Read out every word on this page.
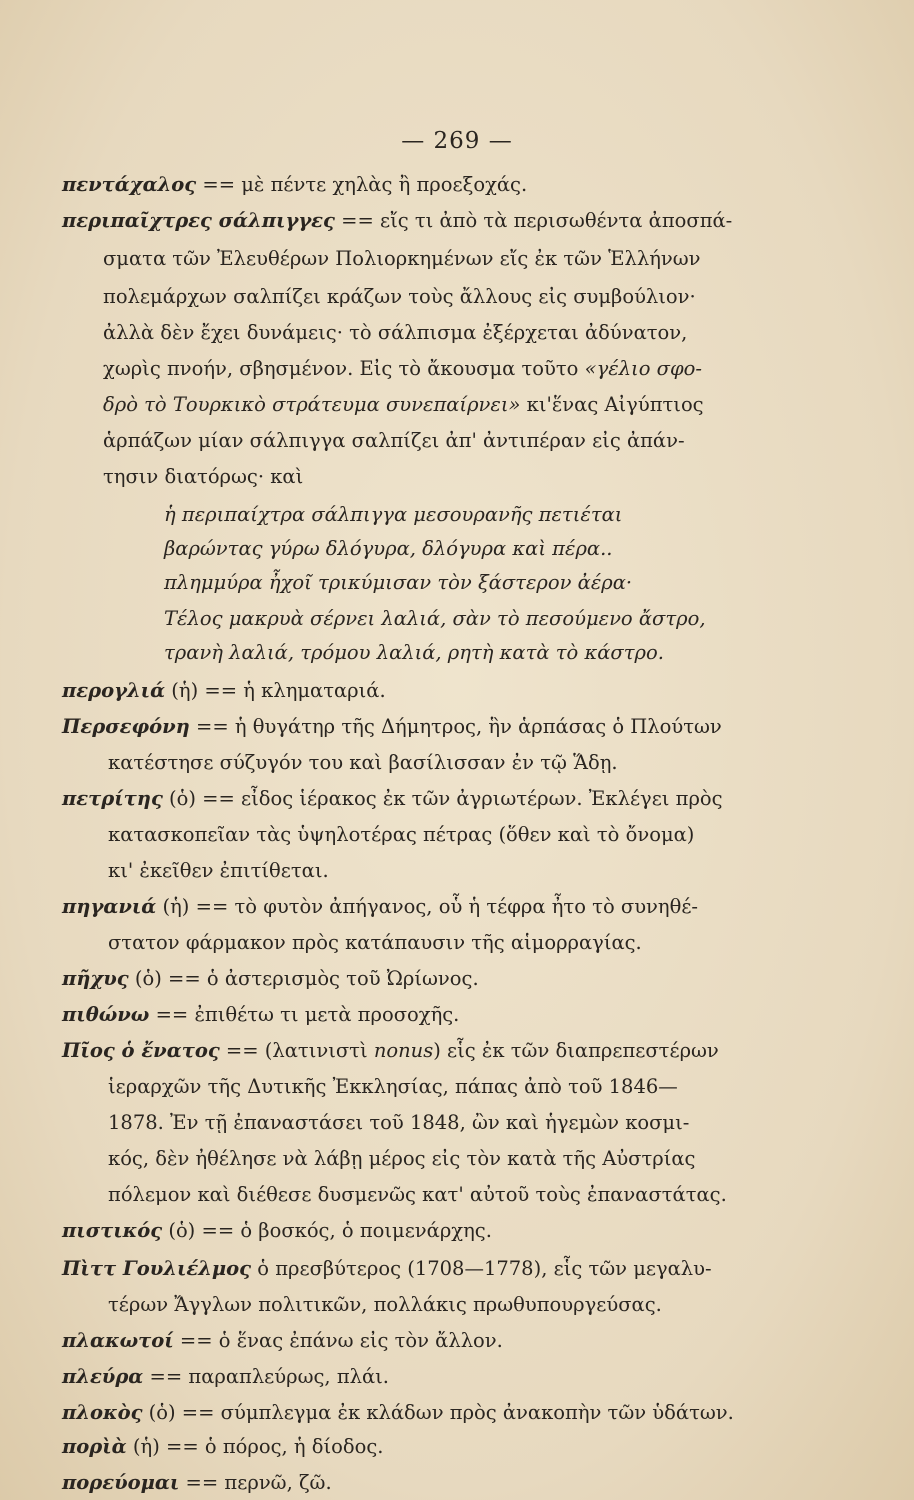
— 269 —
πεντάχαλος == μὲ πέντε χηλὰς ἢ προεξοχάς.
περιπαῖχτρες σάλπιγγες == εἴς τι ἀπὸ τὰ περισωθέντα ἀποσπά-
σματα τῶν Ἐλευθέρων Πολιορκημένων εἴς ἐκ τῶν Ἑλλήνων
πολεμάρχων σαλπίζει κράζων τοὺς ἄλλους εἰς συμβούλιον·
ἀλλὰ δὲν ἔχει δυνάμεις· τὸ σάλπισμα ἐξέρχεται ἀδύνατον,
χωρὶς πνοήν, σβησμένον. Εἰς τὸ ἄκουσμα τοῦτο «γέλιο σφο-
δρὸ τὸ Τουρκικὸ στράτευμα συνεπαίρνει» κι'ἕνας Αἰγύπτιος
ἁρπάζων μίαν σάλπιγγα σαλπίζει ἀπ' ἀντιπέραν εἰς ἀπάν-
τησιν διατόρως· καὶ
ἡ περιπαίχτρα σάλπιγγα μεσουρανῆς πετιέται
βαρώντας γύρω δλόγυρα, δλόγυρα καὶ πέρα..
πλημμύρα ἦχοῖ τρικύμισαν τὸν ξάστερον ἀέρα·
Τέλος μακρυὰ σέρνει λαλιά, σὰν τὸ πεσούμενο ἄστρο,
τρανὴ λαλιά, τρόμου λαλιά, ρητὴ κατὰ τὸ κάστρο.
περογλιά (ἡ) == ἡ κληματαριά.
Περσεφόνη == ἡ θυγάτηρ τῆς Δήμητρος, ἣν ἁρπάσας ὁ Πλούτων
κατέστησε σύζυγόν του καὶ βασίλισσαν ἐν τῷ Ἅδῃ.
πετρίτης (ὁ) == εἶδος ἱέρακος ἐκ τῶν ἀγριωτέρων. Ἐκλέγει πρὸς
κατασκοπεῖαν τὰς ὑψηλοτέρας πέτρας (ὅθεν καὶ τὸ ὄνομα)
κι' ἐκεῖθεν ἐπιτίθεται.
πηγανιά (ἡ) == τὸ φυτὸν ἀπήγανος, οὗ ἡ τέφρα ἦτο τὸ συνηθέ-
στατον φάρμακον πρὸς κατάπαυσιν τῆς αἱμορραγίας.
πῆχυς (ὁ) == ὁ ἀστερισμὸς τοῦ Ὠρίωνος.
πιθώνω == ἐπιθέτω τι μετὰ προσοχῆς.
Πῖος ὁ ἔνατος == (λατινιστὶ nonus) εἷς ἐκ τῶν διαπρεπεστέρων
ἱεραρχῶν τῆς Δυτικῆς Ἐκκλησίας, πάπας ἀπὸ τοῦ 1846—
1878. Ἐν τῇ ἐπαναστάσει τοῦ 1848, ὢν καὶ ἡγεμὼν κοσμι-
κός, δὲν ἠθέλησε νὰ λάβῃ μέρος εἰς τὸν κατὰ τῆς Αὐστρίας
πόλεμον καὶ διέθεσε δυσμενῶς κατ' αὐτοῦ τοὺς ἐπαναστάτας.
πιστικός (ὁ) == ὁ βοσκός, ὁ ποιμενάρχης.
Πὶττ Γουλιέλμος ὁ πρεσβύτερος (1708—1778), εἷς τῶν μεγαλυ-
τέρων Ἄγγλων πολιτικῶν, πολλάκις πρωθυπουργεύσας.
πλακωτοί == ὁ ἕνας ἐπάνω εἰς τὸν ἄλλον.
πλεύρα == παραπλεύρως, πλάι.
πλοκὸς (ὁ) == σύμπλεγμα ἐκ κλάδων πρὸς ἀνακοπὴν τῶν ὑδάτων.
πορὶὰ (ἡ) == ὁ πόρος, ἡ δίοδος.
πορεύομαι == περνῶ, ζῶ.
